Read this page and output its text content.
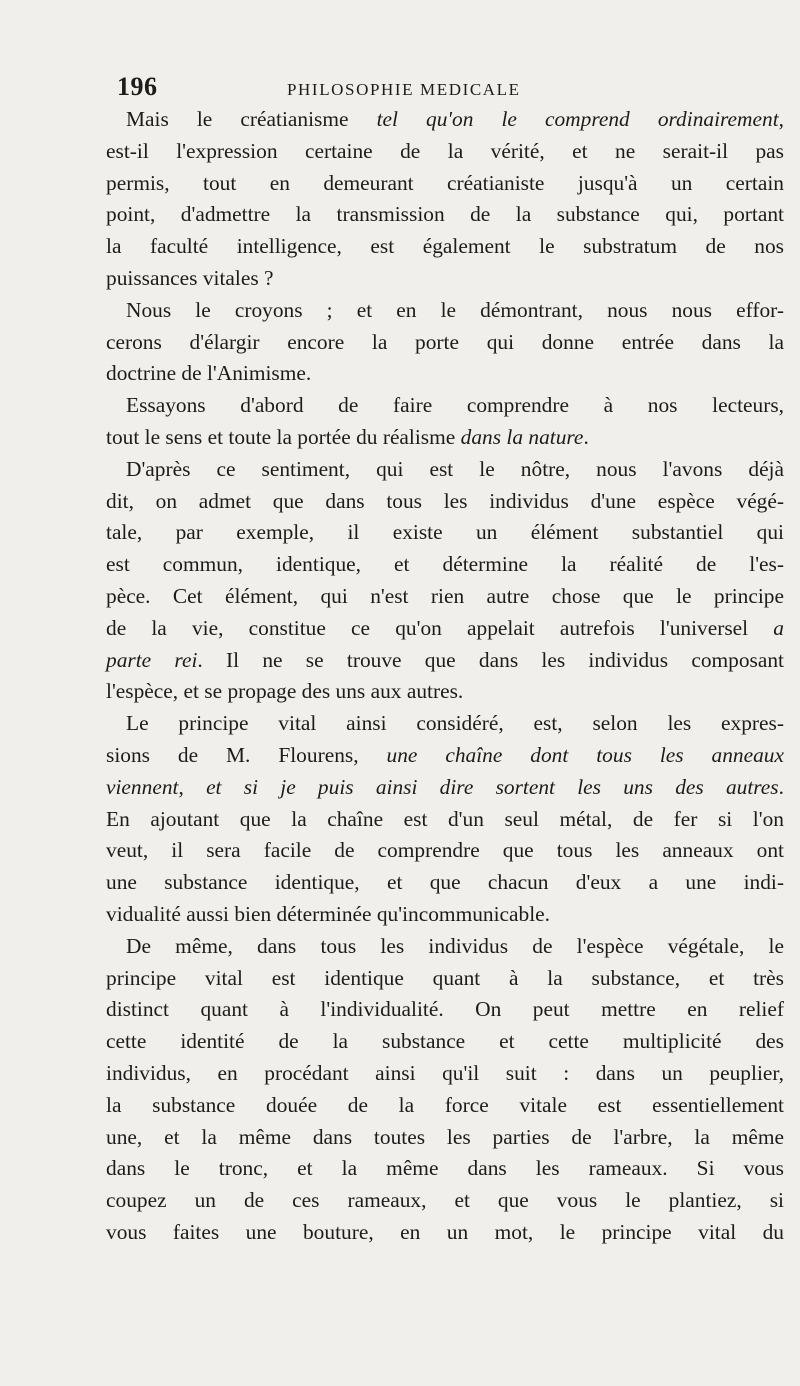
196	PHILOSOPHIE MEDICALE
Mais le créatianisme tel qu'on le comprend ordinairement,
est-il l'expression certaine de la vérité, et ne serait-il pas
permis, tout en demeurant créatianiste jusqu'à un certain
point, d'admettre la transmission de la substance qui, portant
la faculté intelligence, est également le substratum de nos
puissances vitales ?
Nous le croyons ; et en le démontrant, nous nous effor-
cerons d'élargir encore la porte qui donne entrée dans la
doctrine de l'Animisme.
Essayons d'abord de faire comprendre à nos lecteurs,
tout le sens et toute la portée du réalisme dans la nature.
D'après ce sentiment, qui est le nôtre, nous l'avons déjà
dit, on admet que dans tous les individus d'une espèce végé-
tale, par exemple, il existe un élément substantiel qui
est commun, identique, et détermine la réalité de l'es-
pèce. Cet élément, qui n'est rien autre chose que le principe
de la vie, constitue ce qu'on appelait autrefois l'universel a
parte rei. Il ne se trouve que dans les individus composant
l'espèce, et se propage des uns aux autres.
Le principe vital ainsi considéré, est, selon les expres-
sions de M. Flourens, une chaîne dont tous les anneaux
viennent, et si je puis ainsi dire sortent les uns des autres.
En ajoutant que la chaîne est d'un seul métal, de fer si l'on
veut, il sera facile de comprendre que tous les anneaux ont
une substance identique, et que chacun d'eux a une indi-
vidualité aussi bien déterminée qu'incommunicable.
De même, dans tous les individus de l'espèce végétale, le
principe vital est identique quant à la substance, et très
distinct quant à l'individualité. On peut mettre en relief
cette identité de la substance et cette multiplicité des
individus, en procédant ainsi qu'il suit : dans un peuplier,
la substance douée de la force vitale est essentiellement
une, et la même dans toutes les parties de l'arbre, la même
dans le tronc, et la même dans les rameaux. Si vous
coupez un de ces rameaux, et que vous le plantiez, si
vous faites une bouture, en un mot, le principe vital du
